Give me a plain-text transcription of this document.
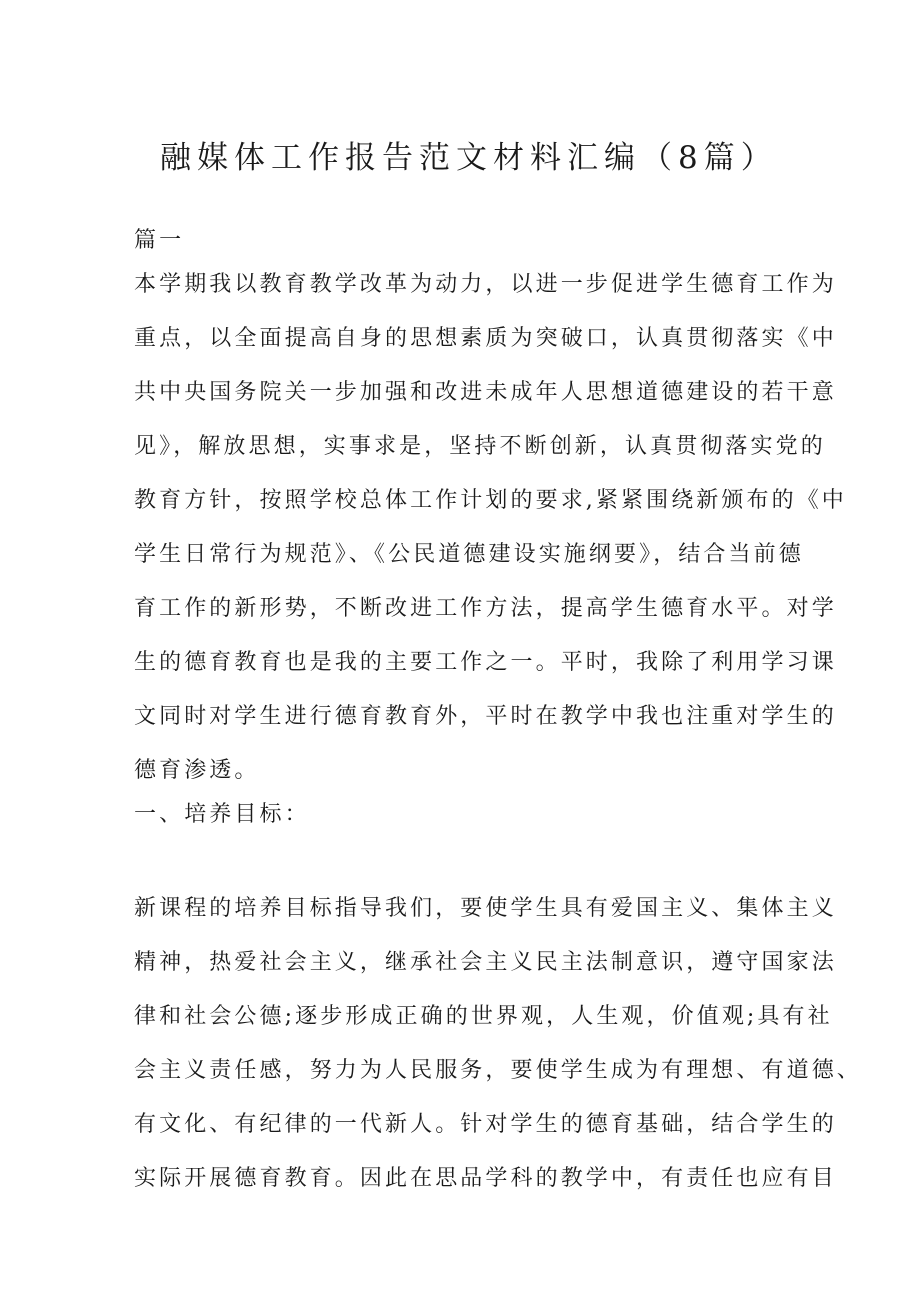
融媒体工作报告范文材料汇编（8篇）
篇一
本学期我以教育教学改革为动力，以进一步促进学生德育工作为
重点，以全面提高自身的思想素质为突破口，认真贯彻落实《中
共中央国务院关一步加强和改进未成年人思想道德建设的若干意
见》，解放思想，实事求是，坚持不断创新，认真贯彻落实党的
教育方针，按照学校总体工作计划的要求,紧紧围绕新颁布的《中
学生日常行为规范》、《公民道德建设实施纲要》，结合当前德
育工作的新形势，不断改进工作方法，提高学生德育水平。对学
生的德育教育也是我的主要工作之一。平时，我除了利用学习课
文同时对学生进行德育教育外，平时在教学中我也注重对学生的
德育渗透。
一、培养目标：
新课程的培养目标指导我们，要使学生具有爱国主义、集体主义
精神，热爱社会主义，继承社会主义民主法制意识，遵守国家法
律和社会公德;逐步形成正确的世界观，人生观，价值观;具有社
会主义责任感，努力为人民服务，要使学生成为有理想、有道德、
有文化、有纪律的一代新人。针对学生的德育基础，结合学生的
实际开展德育教育。因此在思品学科的教学中，有责任也应有目
